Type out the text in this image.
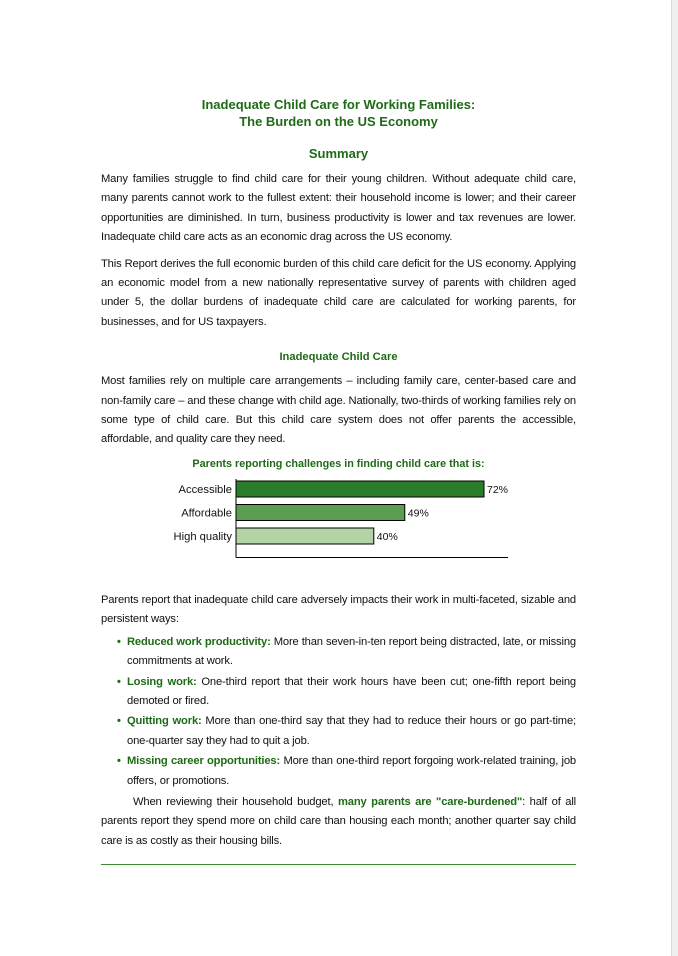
Inadequate Child Care for Working Families:
The Burden on the US Economy
Summary

Many families struggle to find child care for their young children. Without adequate child care, many parents cannot work to the fullest extent: their household income is lower; and their career opportunities are diminished. In turn, business productivity is lower and tax revenues are lower. Inadequate child care acts as an economic drag across the US economy.

This Report derives the full economic burden of this child care deficit for the US economy. Applying an economic model from a new nationally representative survey of parents with children aged under 5, the dollar burdens of inadequate child care are calculated for working parents, for businesses, and for US taxpayers.

Inadequate Child Care

Most families rely on multiple care arrangements – including family care, center-based care and non-family care – and these change with child age. Nationally, two-thirds of working families rely on some type of child care. But this child care system does not offer parents the accessible, affordable, and quality care they need.

Parents reporting challenges in finding child care that is:
Accessible	72%
Affordable	49%
High quality	40%

Parents report that inadequate child care adversely impacts their work in multi-faceted, sizable and persistent ways:

• Reduced work productivity: More than seven-in-ten report being distracted, late, or missing commitments at work.
• Losing work: One-third report that their work hours have been cut; one-fifth report being demoted or fired.
• Quitting work: More than one-third say that they had to reduce their hours or go part-time; one-quarter say they had to quit a job.
• Missing career opportunities: More than one-third report forgoing work-related training, job offers, or promotions.

When reviewing their household budget, many parents are "care-burdened": half of all parents report they spend more on child care than housing each month; another quarter say child care is as costly as their housing bills.
